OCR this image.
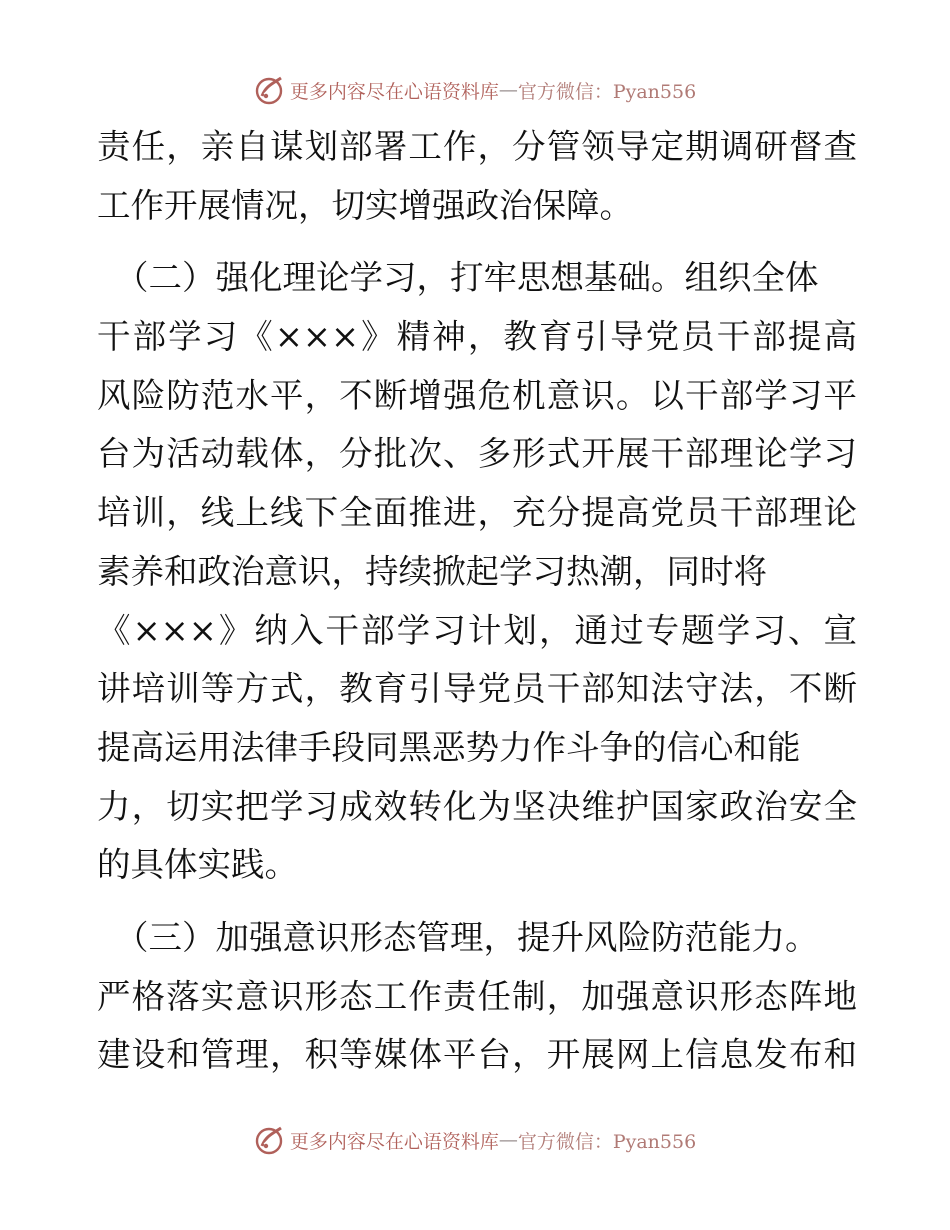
更多内容尽在心语资料库 — 官方微信：Pyan556
责任，亲自谋划部署工作，分管领导定期调研督查
工作开展情况，切实增强政治保障。
（二）强化理论学习，打牢思想基础。组织全体
干部学习《×××》精神，教育引导党员干部提高
风险防范水平，不断增强危机意识。以干部学习平
台为活动载体，分批次、多形式开展干部理论学习
培训，线上线下全面推进，充分提高党员干部理论
素养和政治意识，持续掀起学习热潮，同时将
《×××》纳入干部学习计划，通过专题学习、宣
讲培训等方式，教育引导党员干部知法守法，不断
提高运用法律手段同黑恶势力作斗争的信心和能
力，切实把学习成效转化为坚决维护国家政治安全
的具体实践。
（三）加强意识形态管理，提升风险防范能力。
严格落实意识形态工作责任制，加强意识形态阵地
建设和管理，积等媒体平台，开展网上信息发布和
更多内容尽在心语资料库 — 官方微信：Pyan556
